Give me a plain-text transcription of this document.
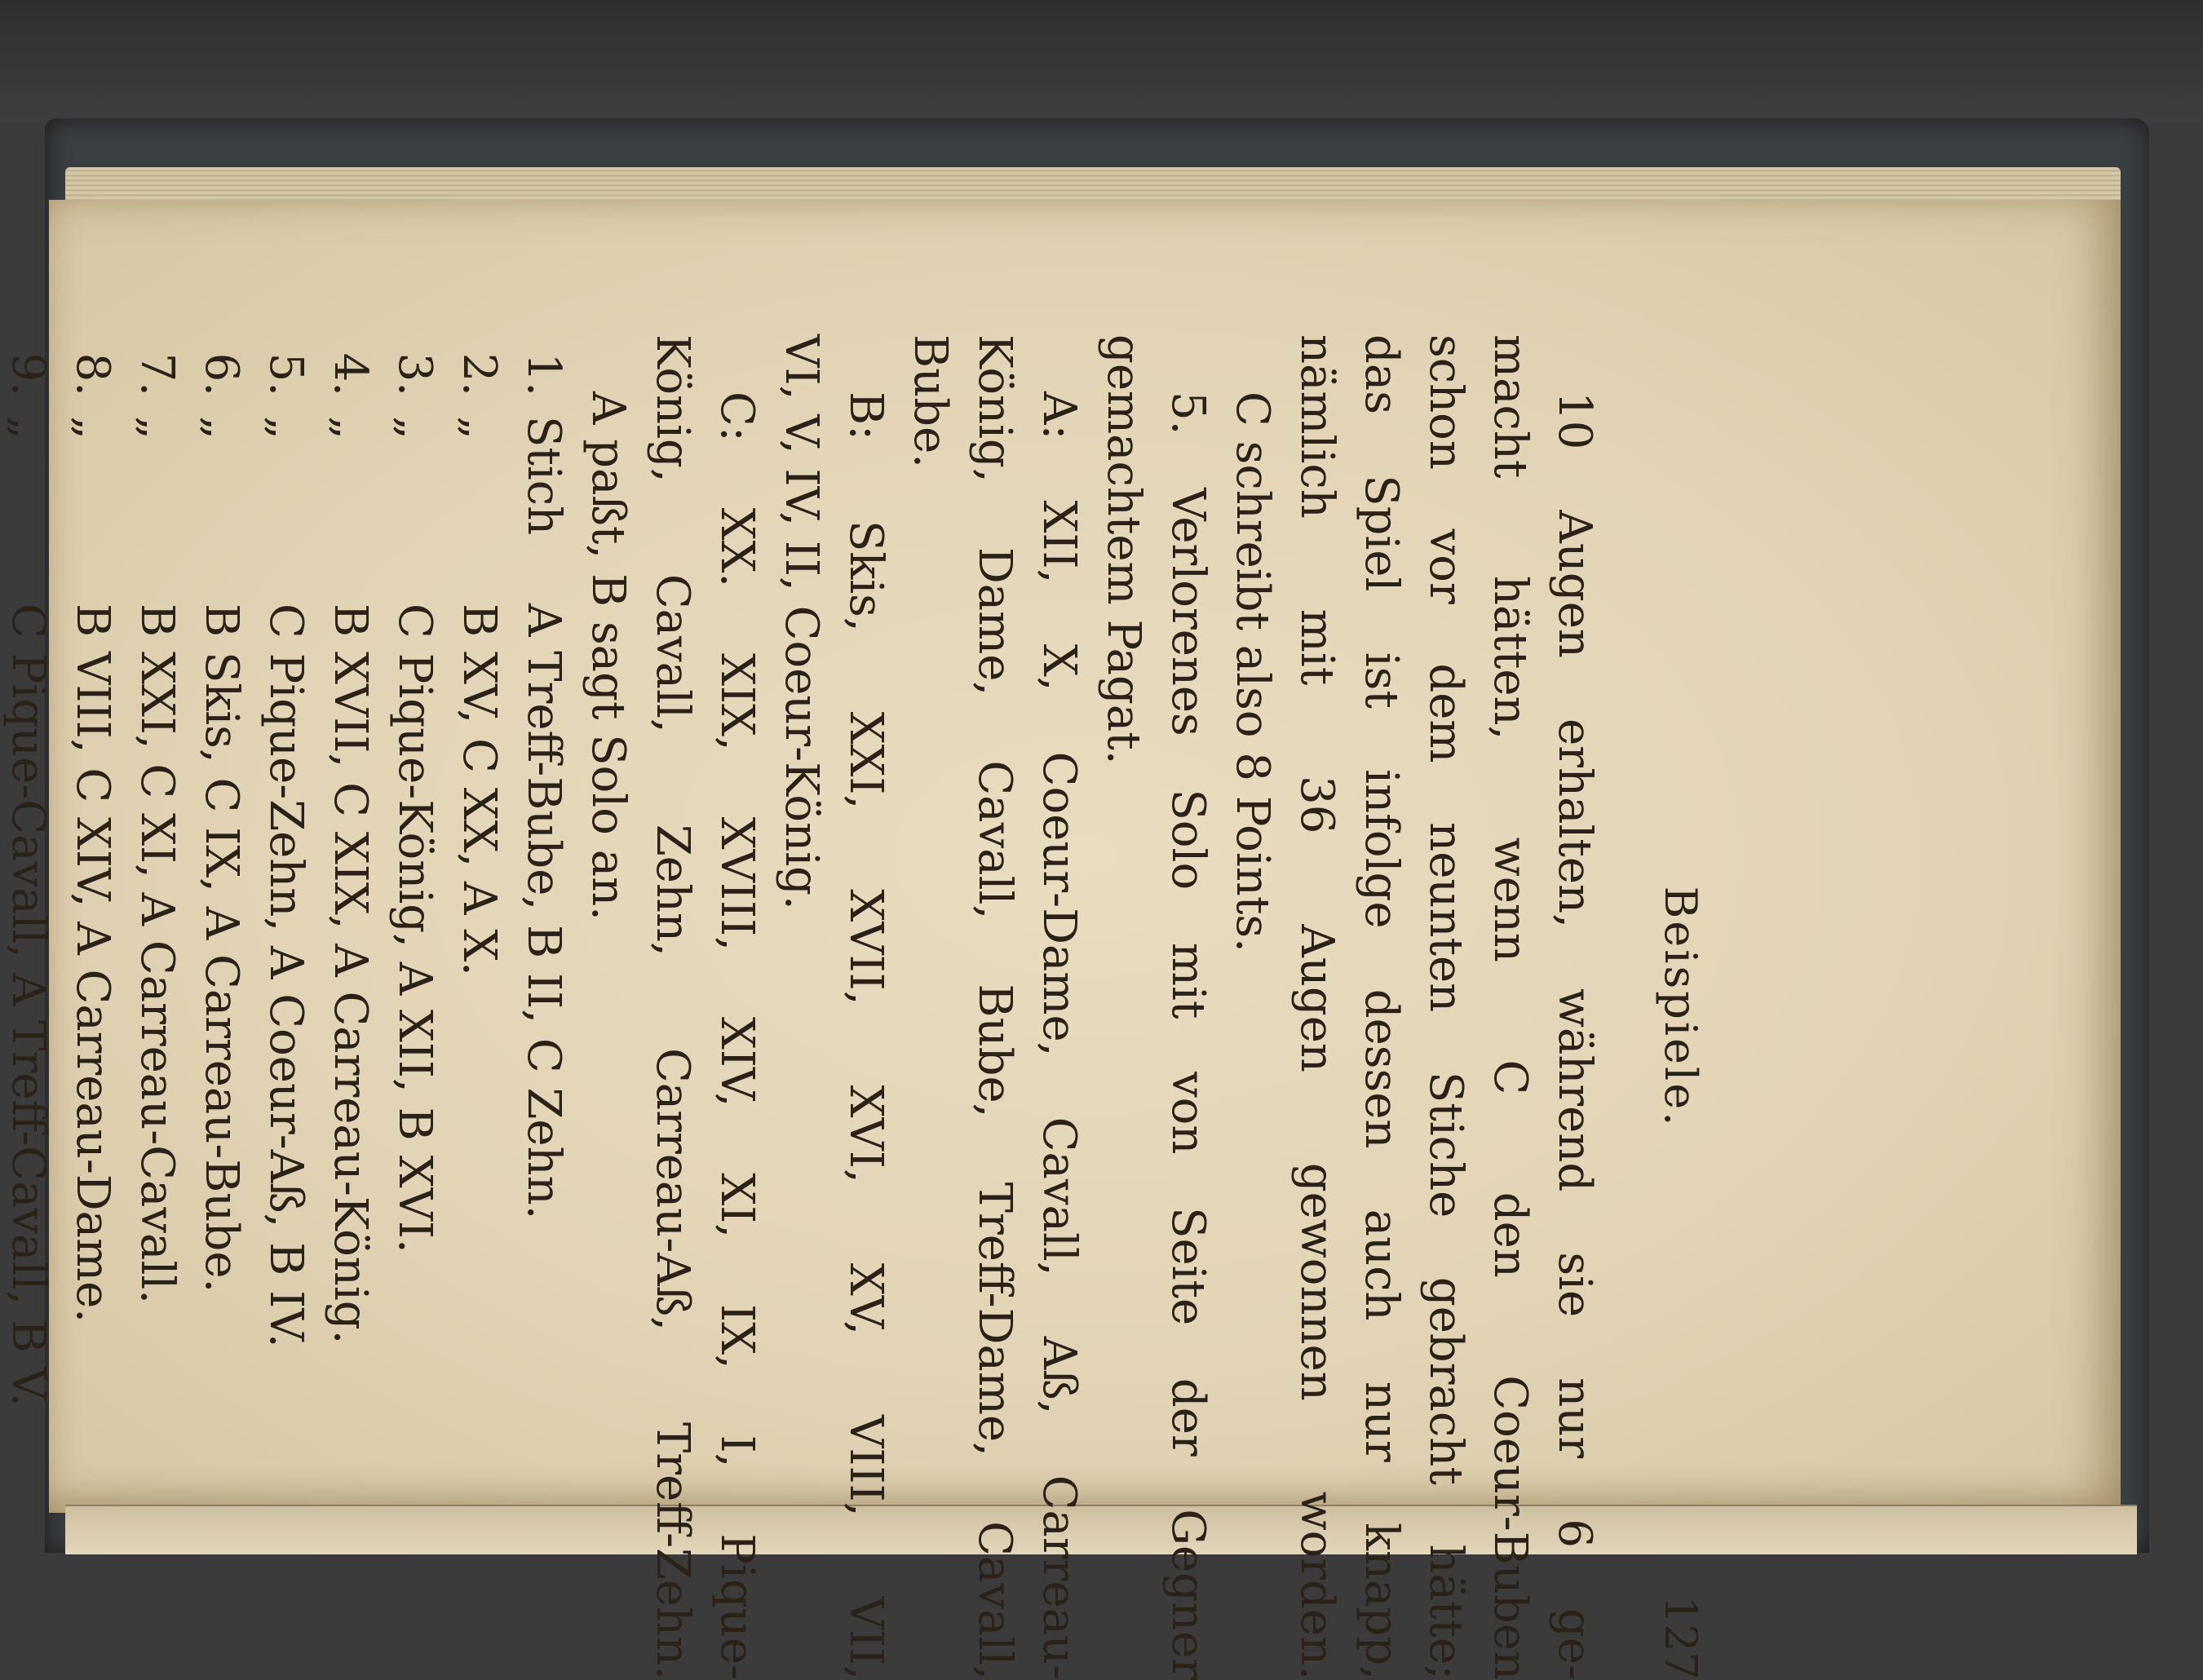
Beispiele.
127
10 Augen erhalten, während sie nur 6 ge-
macht hätten, wenn C den Coeur-Buben
schon vor dem neunten Stiche gebracht hätte;
das Spiel ist infolge dessen auch nur knapp,
nämlich mit 36 Augen gewonnen worden.
C schreibt also 8 Points.
5. Verlorenes Solo mit von Seite der Gegner
gemachtem Pagat.
A: XII, X, Coeur-Dame, Cavall, Aß, Carreau-
König, Dame, Cavall, Bube, Treff-Dame, Cavall,
Bube.
B: Skis, XXI, XVII, XVI, XV, VIII, VII,
VI, V, IV, II, Coeur-König.
C: XX. XIX, XVIII, XIV, XI, IX, I, Pique-
König, Cavall, Zehn, Carreau-Aß, Treff-Zehn.
A paßt, B sagt Solo an.
1.
Stich
A Treff-Bube, B II, C Zehn.
2.
„
B XV, C XX, A X.
3.
„
C Pique-König, A XII, B XVI.
4.
„
B XVII, C XIX, A Carreau-König.
5.
„
C Pique-Zehn, A Coeur-Aß, B IV.
6.
„
B Skis, C IX, A Carreau-Bube.
7.
„
B XXI, C XI, A Carreau-Cavall.
8.
„
B VIII, C XIV, A Carreau-Dame.
9.
„
C Pique-Cavall, A Treff-Cavall, B V.
